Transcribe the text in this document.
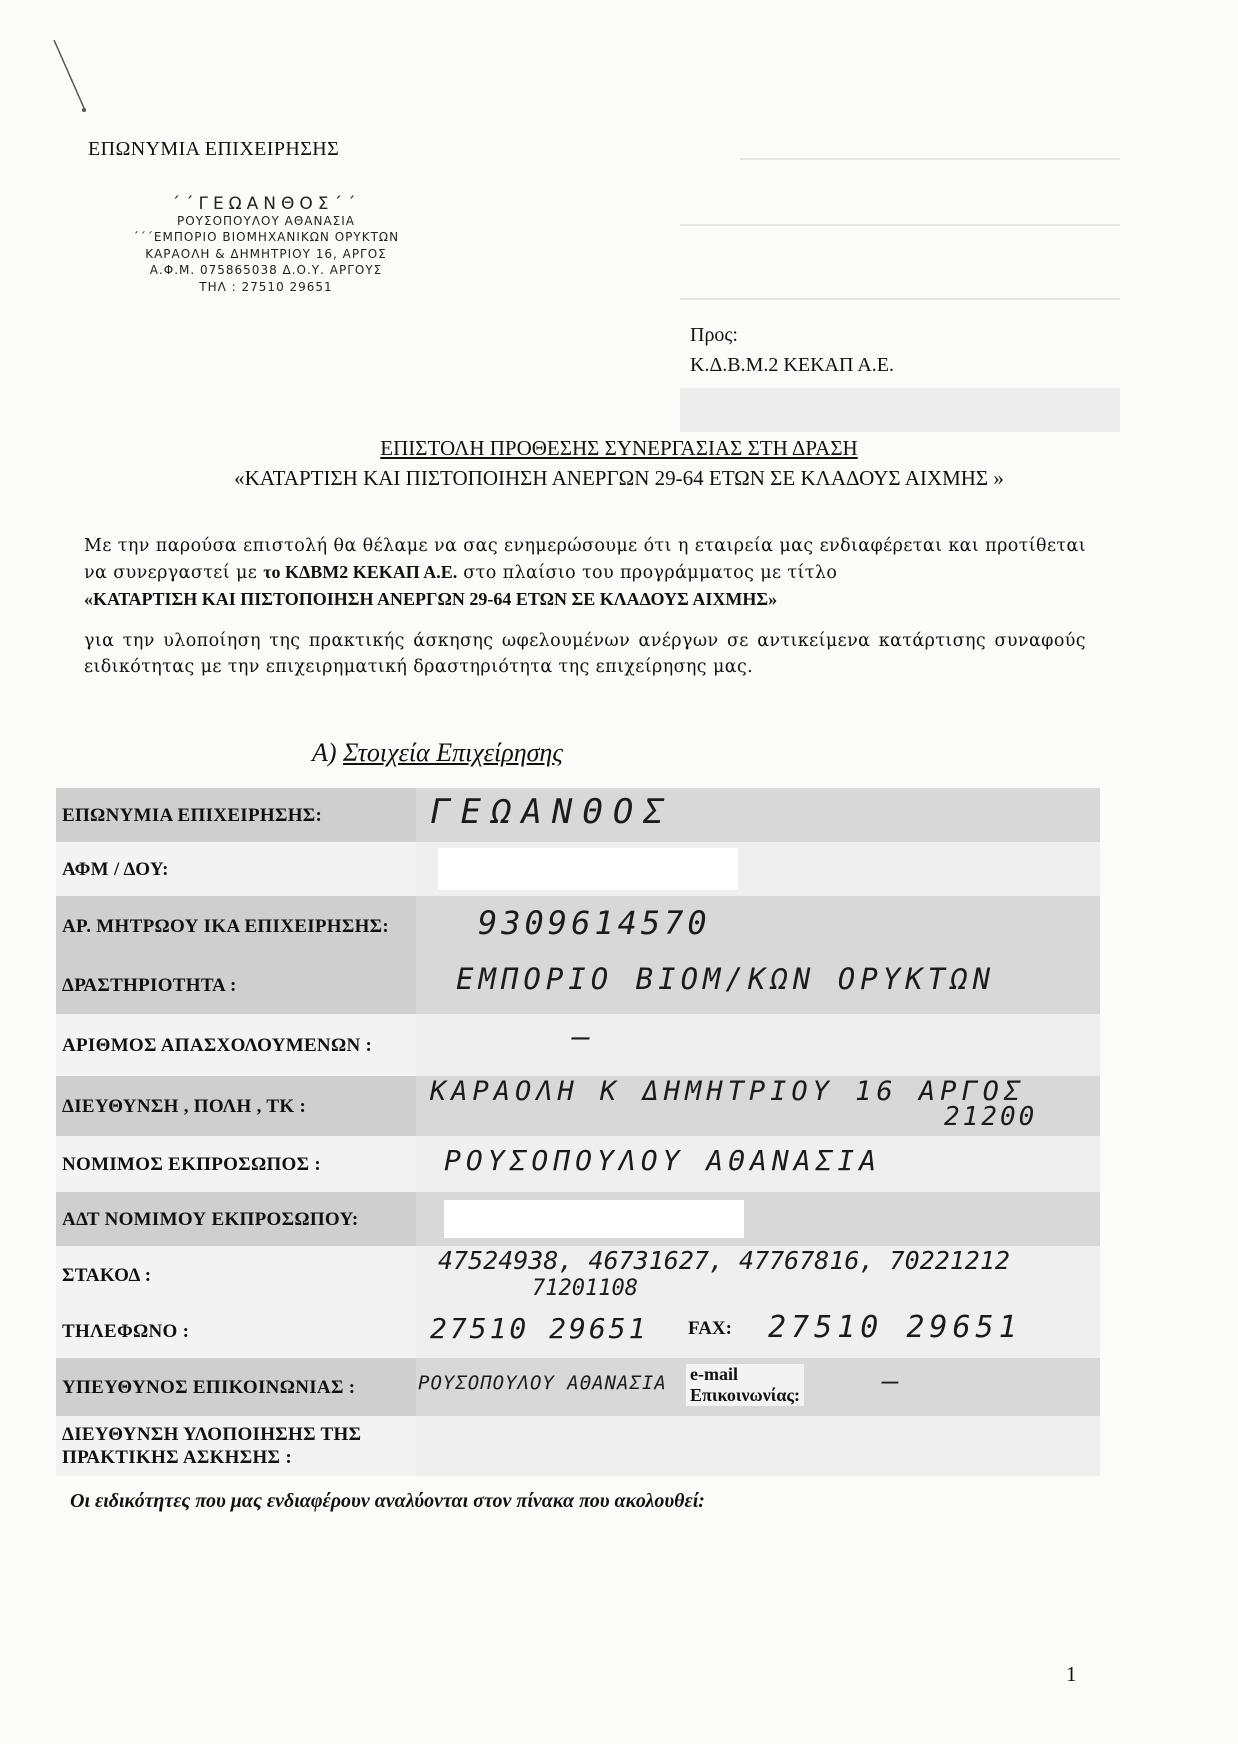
ΕΠΩΝΥΜΙΑ ΕΠΙΧΕΙΡΗΣΗΣ
΄΄ΓΕΩΑΝΘΟΣ΄΄
ΡΟΥΣΟΠΟΥΛΟΥ ΑΘΑΝΑΣΙΑ
΄΄΄ΕΜΠΟΡΙΟ ΒΙΟΜΗΧΑΝΙΚΩΝ ΟΡΥΚΤΩΝ
ΚΑΡΑΟΛΗ & ΔΗΜΗΤΡΙΟΥ 16, ΑΡΓΟΣ
Α.Φ.Μ. 075865038 Δ.Ο.Υ. ΑΡΓΟΥΣ
ΤΗΛ : 27510 29651
Προς:
Κ.Δ.Β.Μ.2 ΚΕΚΑΠ Α.Ε.
ΕΠΙΣΤΟΛΗ ΠΡΟΘΕΣΗΣ ΣΥΝΕΡΓΑΣΙΑΣ ΣΤΗ ΔΡΑΣΗ
«ΚΑΤΑΡΤΙΣΗ ΚΑΙ ΠΙΣΤΟΠΟΙΗΣΗ ΑΝΕΡΓΩΝ 29-64 ΕΤΩΝ ΣΕ ΚΛΑΔΟΥΣ ΑΙΧΜΗΣ »
Με την παρούσα επιστολή θα θέλαμε να σας ενημερώσουμε ότι η εταιρεία μας ενδιαφέρεται και προτίθεται να συνεργαστεί με το ΚΔΒΜ2 ΚΕΚΑΠ Α.Ε. στο πλαίσιο του προγράμματος με τίτλο
«ΚΑΤΑΡΤΙΣΗ ΚΑΙ ΠΙΣΤΟΠΟΙΗΣΗ ΑΝΕΡΓΩΝ 29-64 ΕΤΩΝ ΣΕ ΚΛΑΔΟΥΣ ΑΙΧΜΗΣ»
για την υλοποίηση της πρακτικής άσκησης ωφελουμένων ανέργων σε αντικείμενα κατάρτισης συναφούς ειδικότητας με την επιχειρηματική δραστηριότητα της επιχείρησης μας.
Α) Στοιχεία Επιχείρησης
ΕΠΩΝΥΜΙΑ ΕΠΙΧΕΙΡΗΣΗΣ:	ΓΕΩΑΝΘΟΣ

ΑΦΜ / ΔΟΥ:	

ΑΡ. ΜΗΤΡΩΟΥ ΙΚΑ ΕΠΙΧΕΙΡΗΣΗΣ:	9309614570

ΔΡΑΣΤΗΡΙΟΤΗΤΑ :	ΕΜΠΟΡΙΟ ΒΙΟΜ/ΚΩΝ ΟΡΥΚΤΩΝ

ΑΡΙΘΜΟΣ ΑΠΑΣΧΟΛΟΥΜΕΝΩΝ :	—

ΔΙΕΥΘΥΝΣΗ , ΠΟΛΗ , ΤΚ :	ΚΑΡΑΟΛΗ Κ ΔΗΜΗΤΡΙΟΥ 16 ΑΡΓΟΣ
21200

ΝΟΜΙΜΟΣ ΕΚΠΡΟΣΩΠΟΣ :	ΡΟΥΣΟΠΟΥΛΟΥ ΑΘΑΝΑΣΙΑ

ΑΔΤ ΝΟΜΙΜΟΥ ΕΚΠΡΟΣΩΠΟΥ:	

ΣΤΑΚΟΔ :	47524938, 46731627, 47767816, 70221212
71201108

ΤΗΛΕΦΩΝΟ :	27510 29651 FAX: 27510 29651

ΥΠΕΥΘΥΝΟΣ ΕΠΙΚΟΙΝΩΝΙΑΣ :	ΡΟΥΣΟΠΟΥΛΟΥ ΑΘΑΝΑΣΙΑ e-mail
Επικοινωνίας: —

ΔΙΕΥΘΥΝΣΗ ΥΛΟΠΟΙΗΣΗΣ ΤΗΣ ΠΡΑΚΤΙΚΗΣ ΑΣΚΗΣΗΣ :	
Οι ειδικότητες που μας ενδιαφέρουν αναλύονται στον πίνακα που ακολουθεί:
1
